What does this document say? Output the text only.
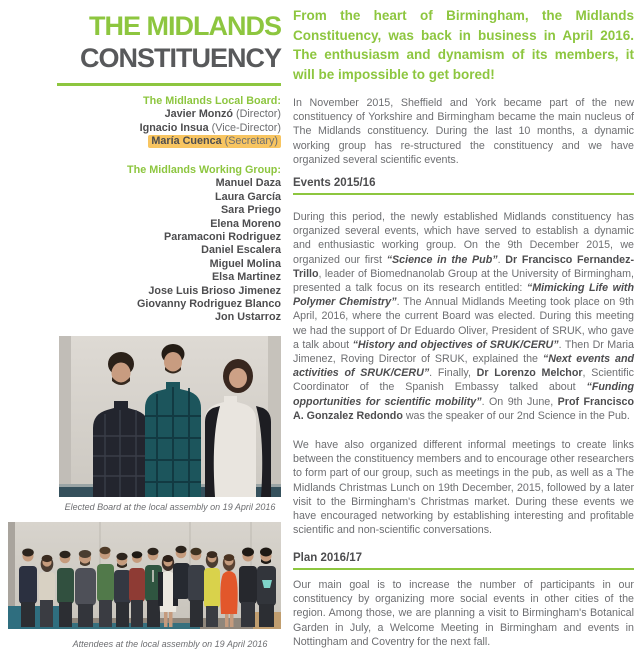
THE MIDLANDS
CONSTITUENCY
The Midlands Local Board:
Javier Monzó (Director)
Ignacio Insua (Vice-Director)
María Cuenca (Secretary)
The Midlands Working Group:
Manuel Daza
Laura García
Sara Priego
Elena Moreno
Paramaconi Rodriguez
Daniel Escalera
Miguel Molina
Elsa Martinez
Jose Luis Brioso Jimenez
Giovanny Rodriguez Blanco
Jon Ustarroz
Elected Board at the local assembly on 19 April 2016
Attendees at the local assembly on 19 April 2016

From the heart of Birmingham, the Midlands Constituency, was back in business in April 2016. The enthusiasm and dynamism of its members, it will be impossible to get bored!

In November 2015, Sheffield and York became part of the new constituency of Yorkshire and Birmingham became the main nucleus of The Midlands constituency. During the last 10 months, a dynamic working group has re-structured the constituency and we have organized several scientific events.

Events 2015/16

During this period, the newly established Midlands constituency has organized several events, which have served to establish a dynamic and enthusiastic working group. On the 9th December 2015, we organized our first “Science in the Pub”. Dr Francisco Fernandez-Trillo, leader of Biomednanolab Group at the University of Birmingham, presented a talk focus on its research entitled: “Mimicking Life with Polymer Chemistry”. The Annual Midlands Meeting took place on 9th April, 2016, where the current Board was elected. During this meeting we had the support of Dr Eduardo Oliver, President of SRUK, who gave a talk about “History and objectives of SRUK/CERU”. Then Dr Maria Jimenez, Roving Director of SRUK, explained the “Next events and activities of SRUK/CERU”. Finally, Dr Lorenzo Melchor, Scientific Coordinator of the Spanish Embassy talked about “Funding opportunities for scientific mobility”. On 9th June, Prof Francisco A. Gonzalez Redondo was the speaker of our 2nd Science in the Pub.

We have also organized different informal meetings to create links between the constituency members and to encourage other researchers to form part of our group, such as meetings in the pub, as well as a The Midlands Christmas Lunch on 19th December, 2015, followed by a later visit to the Birmingham's Christmas market. During these events we have encouraged networking by establishing interesting and profitable scientific and non-scientific conversations.

Plan 2016/17

Our main goal is to increase the number of participants in our constituency by organizing more social events in other cities of the region. Among those, we are planning a visit to Birmingham's Botanical Garden in July, a Welcome Meeting in Birmingham and events in Nottingham and Coventry for the next fall.
